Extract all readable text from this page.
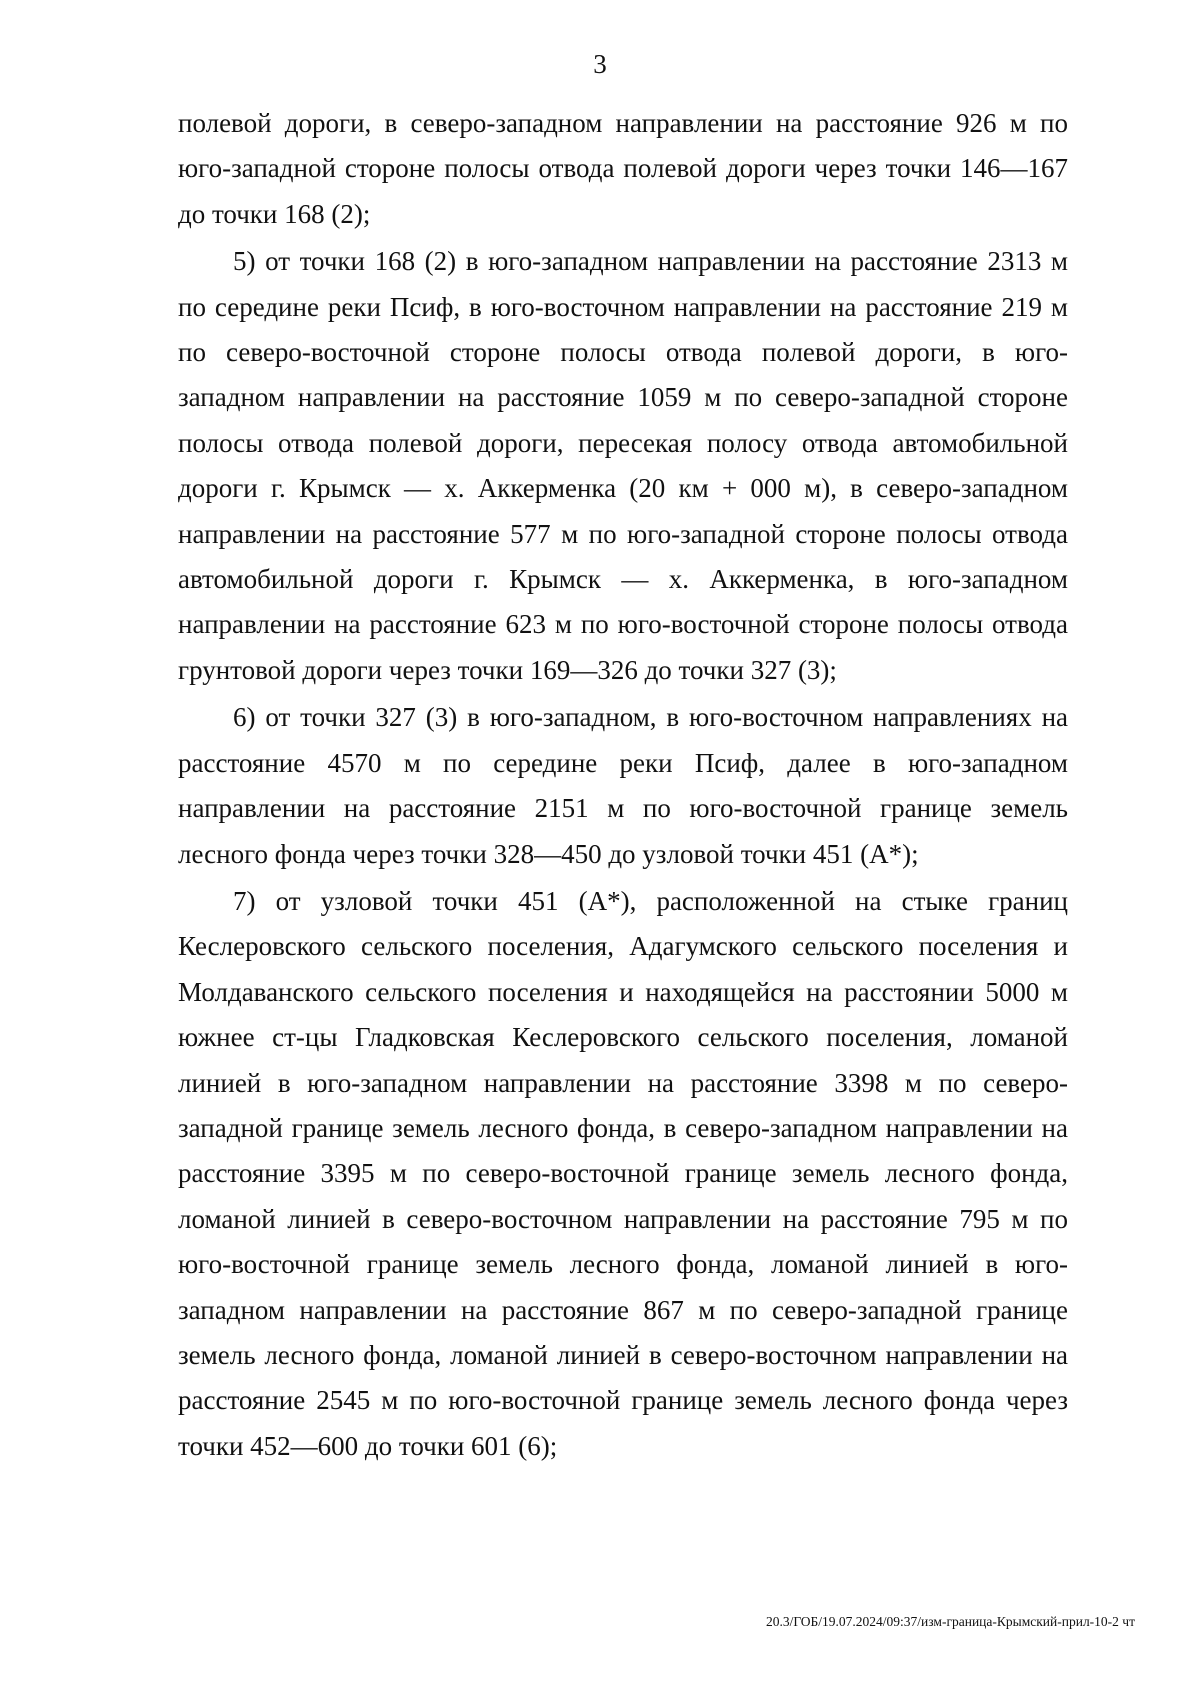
3

полевой дороги, в северо-западном направлении на расстояние 926 м по юго-западной стороне полосы отвода полевой дороги через точки 146—167 до точки 168 (2);

5) от точки 168 (2) в юго-западном направлении на расстояние 2313 м по середине реки Псиф, в юго-восточном направлении на расстояние 219 м по северо-восточной стороне полосы отвода полевой дороги, в юго-западном направлении на расстояние 1059 м по северо-западной стороне полосы отвода полевой дороги, пересекая полосу отвода автомобильной дороги г. Крымск — х. Аккерменка (20 км + 000 м), в северо-западном направлении на расстояние 577 м по юго-западной стороне полосы отвода автомобильной дороги г. Крымск — х. Аккерменка, в юго-западном направлении на расстояние 623 м по юго-восточной стороне полосы отвода грунтовой дороги через точки 169—326 до точки 327 (3);

6) от точки 327 (3) в юго-западном, в юго-восточном направлениях на расстояние 4570 м по середине реки Псиф, далее в юго-западном направлении на расстояние 2151 м по юго-восточной границе земель лесного фонда через точки 328—450 до узловой точки 451 (А*);

7) от узловой точки 451 (А*), расположенной на стыке границ Кеслеровского сельского поселения, Адагумского сельского поселения и Молдаванского сельского поселения и находящейся на расстоянии 5000 м южнее ст-цы Гладковская Кеслеровского сельского поселения, ломаной линией в юго-западном направлении на расстояние 3398 м по северо-западной границе земель лесного фонда, в северо-западном направлении на расстояние 3395 м по северо-восточной границе земель лесного фонда, ломаной линией в северо-восточном направлении на расстояние 795 м по юго-восточной границе земель лесного фонда, ломаной линией в юго-западном направлении на расстояние 867 м по северо-западной границе земель лесного фонда, ломаной линией в северо-восточном направлении на расстояние 2545 м по юго-восточной границе земель лесного фонда через точки 452—600 до точки 601 (6);

20.3/ГОБ/19.07.2024/09:37/изм-граница-Крымский-прил-10-2 чт
